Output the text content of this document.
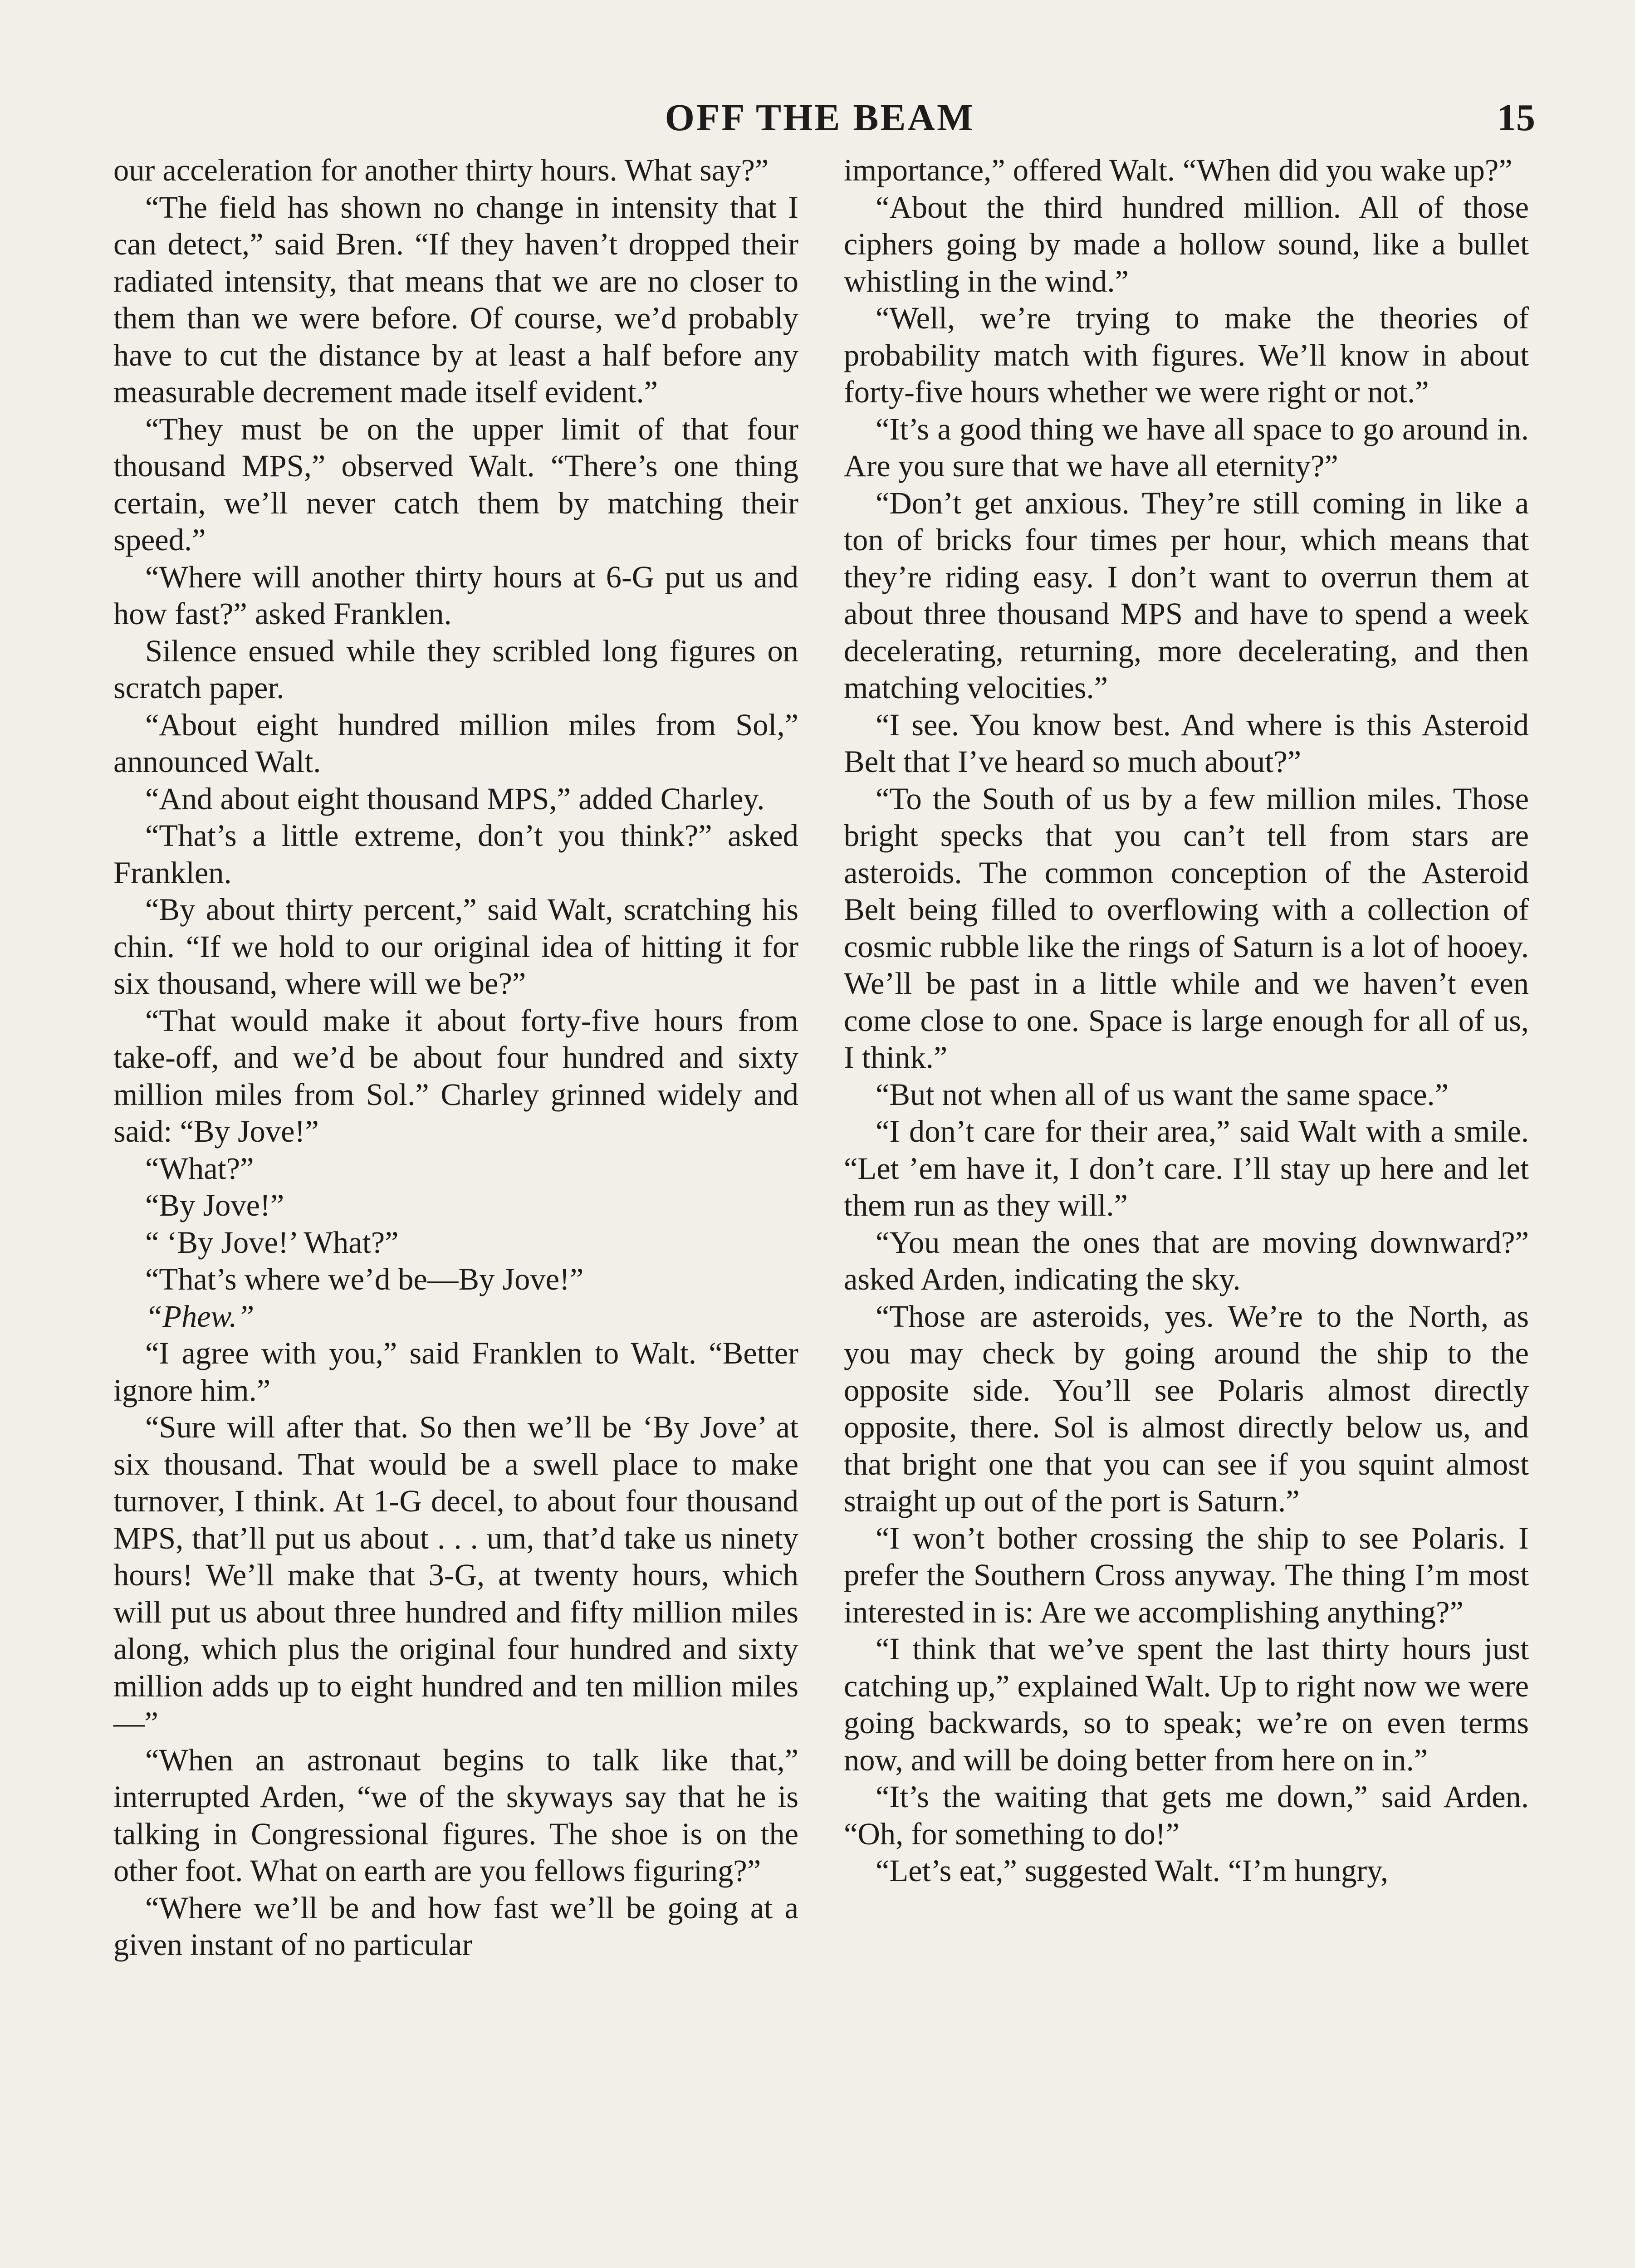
OFF THE BEAM	15

our acceleration for another thirty hours. What say?”

“The field has shown no change in intensity that I can detect,” said Bren. “If they haven’t dropped their radiated intensity, that means that we are no closer to them than we were before. Of course, we’d probably have to cut the distance by at least a half before any measurable decrement made itself evident.”

“They must be on the upper limit of that four thousand MPS,” observed Walt. “There’s one thing certain, we’ll never catch them by matching their speed.”

“Where will another thirty hours at 6-G put us and how fast?” asked Franklen.

Silence ensued while they scribled long figures on scratch paper.

“About eight hundred million miles from Sol,” announced Walt.

“And about eight thousand MPS,” added Charley.

“That’s a little extreme, don’t you think?” asked Franklen.

“By about thirty percent,” said Walt, scratching his chin. “If we hold to our original idea of hitting it for six thousand, where will we be?”

“That would make it about forty-five hours from take-off, and we’d be about four hundred and sixty million miles from Sol.” Charley grinned widely and said: “By Jove!”

“What?”

“By Jove!”

“ ‘By Jove!’ What?”

“That’s where we’d be—By Jove!”

“Phew.”

“I agree with you,” said Franklen to Walt. “Better ignore him.”

“Sure will after that. So then we’ll be ‘By Jove’ at six thousand. That would be a swell place to make turnover, I think. At 1-G decel, to about four thousand MPS, that’ll put us about . . . um, that’d take us ninety hours! We’ll make that 3-G, at twenty hours, which will put us about three hundred and fifty million miles along, which plus the original four hundred and sixty million adds up to eight hundred and ten million miles—”

“When an astronaut begins to talk like that,” interrupted Arden, “we of the skyways say that he is talking in Congressional figures. The shoe is on the other foot. What on earth are you fellows figuring?”

“Where we’ll be and how fast we’ll be going at a given instant of no particular

importance,” offered Walt. “When did you wake up?”

“About the third hundred million. All of those ciphers going by made a hollow sound, like a bullet whistling in the wind.”

“Well, we’re trying to make the theories of probability match with figures. We’ll know in about forty-five hours whether we were right or not.”

“It’s a good thing we have all space to go around in. Are you sure that we have all eternity?”

“Don’t get anxious. They’re still coming in like a ton of bricks four times per hour, which means that they’re riding easy. I don’t want to overrun them at about three thousand MPS and have to spend a week decelerating, returning, more decelerating, and then matching velocities.”

“I see. You know best. And where is this Asteroid Belt that I’ve heard so much about?”

“To the South of us by a few million miles. Those bright specks that you can’t tell from stars are asteroids. The common conception of the Asteroid Belt being filled to overflowing with a collection of cosmic rubble like the rings of Saturn is a lot of hooey. We’ll be past in a little while and we haven’t even come close to one. Space is large enough for all of us, I think.”

“But not when all of us want the same space.”

“I don’t care for their area,” said Walt with a smile. “Let ’em have it, I don’t care. I’ll stay up here and let them run as they will.”

“You mean the ones that are moving downward?” asked Arden, indicating the sky.

“Those are asteroids, yes. We’re to the North, as you may check by going around the ship to the opposite side. You’ll see Polaris almost directly opposite, there. Sol is almost directly below us, and that bright one that you can see if you squint almost straight up out of the port is Saturn.”

“I won’t bother crossing the ship to see Polaris. I prefer the Southern Cross anyway. The thing I’m most interested in is: Are we accomplishing anything?”

“I think that we’ve spent the last thirty hours just catching up,” explained Walt. Up to right now we were going backwards, so to speak; we’re on even terms now, and will be doing better from here on in.”

“It’s the waiting that gets me down,” said Arden. “Oh, for something to do!”

“Let’s eat,” suggested Walt. “I’m hungry,
